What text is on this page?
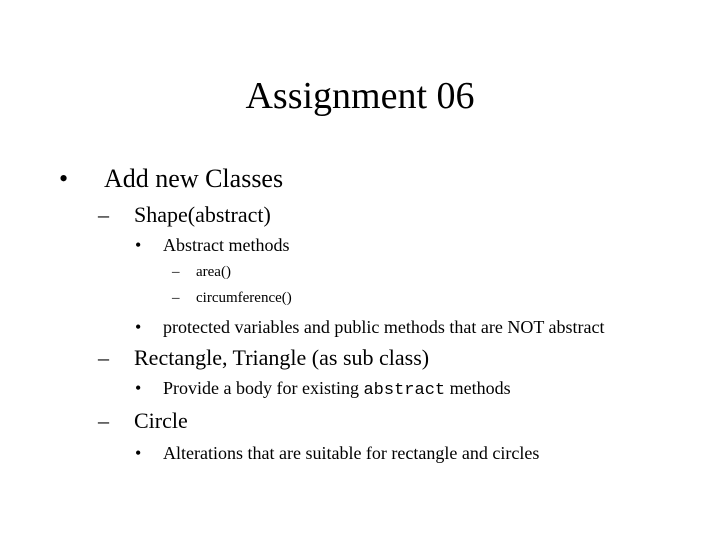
Assignment 06
• Add new Classes
– Shape(abstract)
• Abstract methods
– area()
– circumference()
• protected variables and public methods that are NOT abstract
– Rectangle, Triangle (as sub class)
• Provide a body for existing abstract methods
– Circle
• Alterations that are suitable for rectangle and circles
